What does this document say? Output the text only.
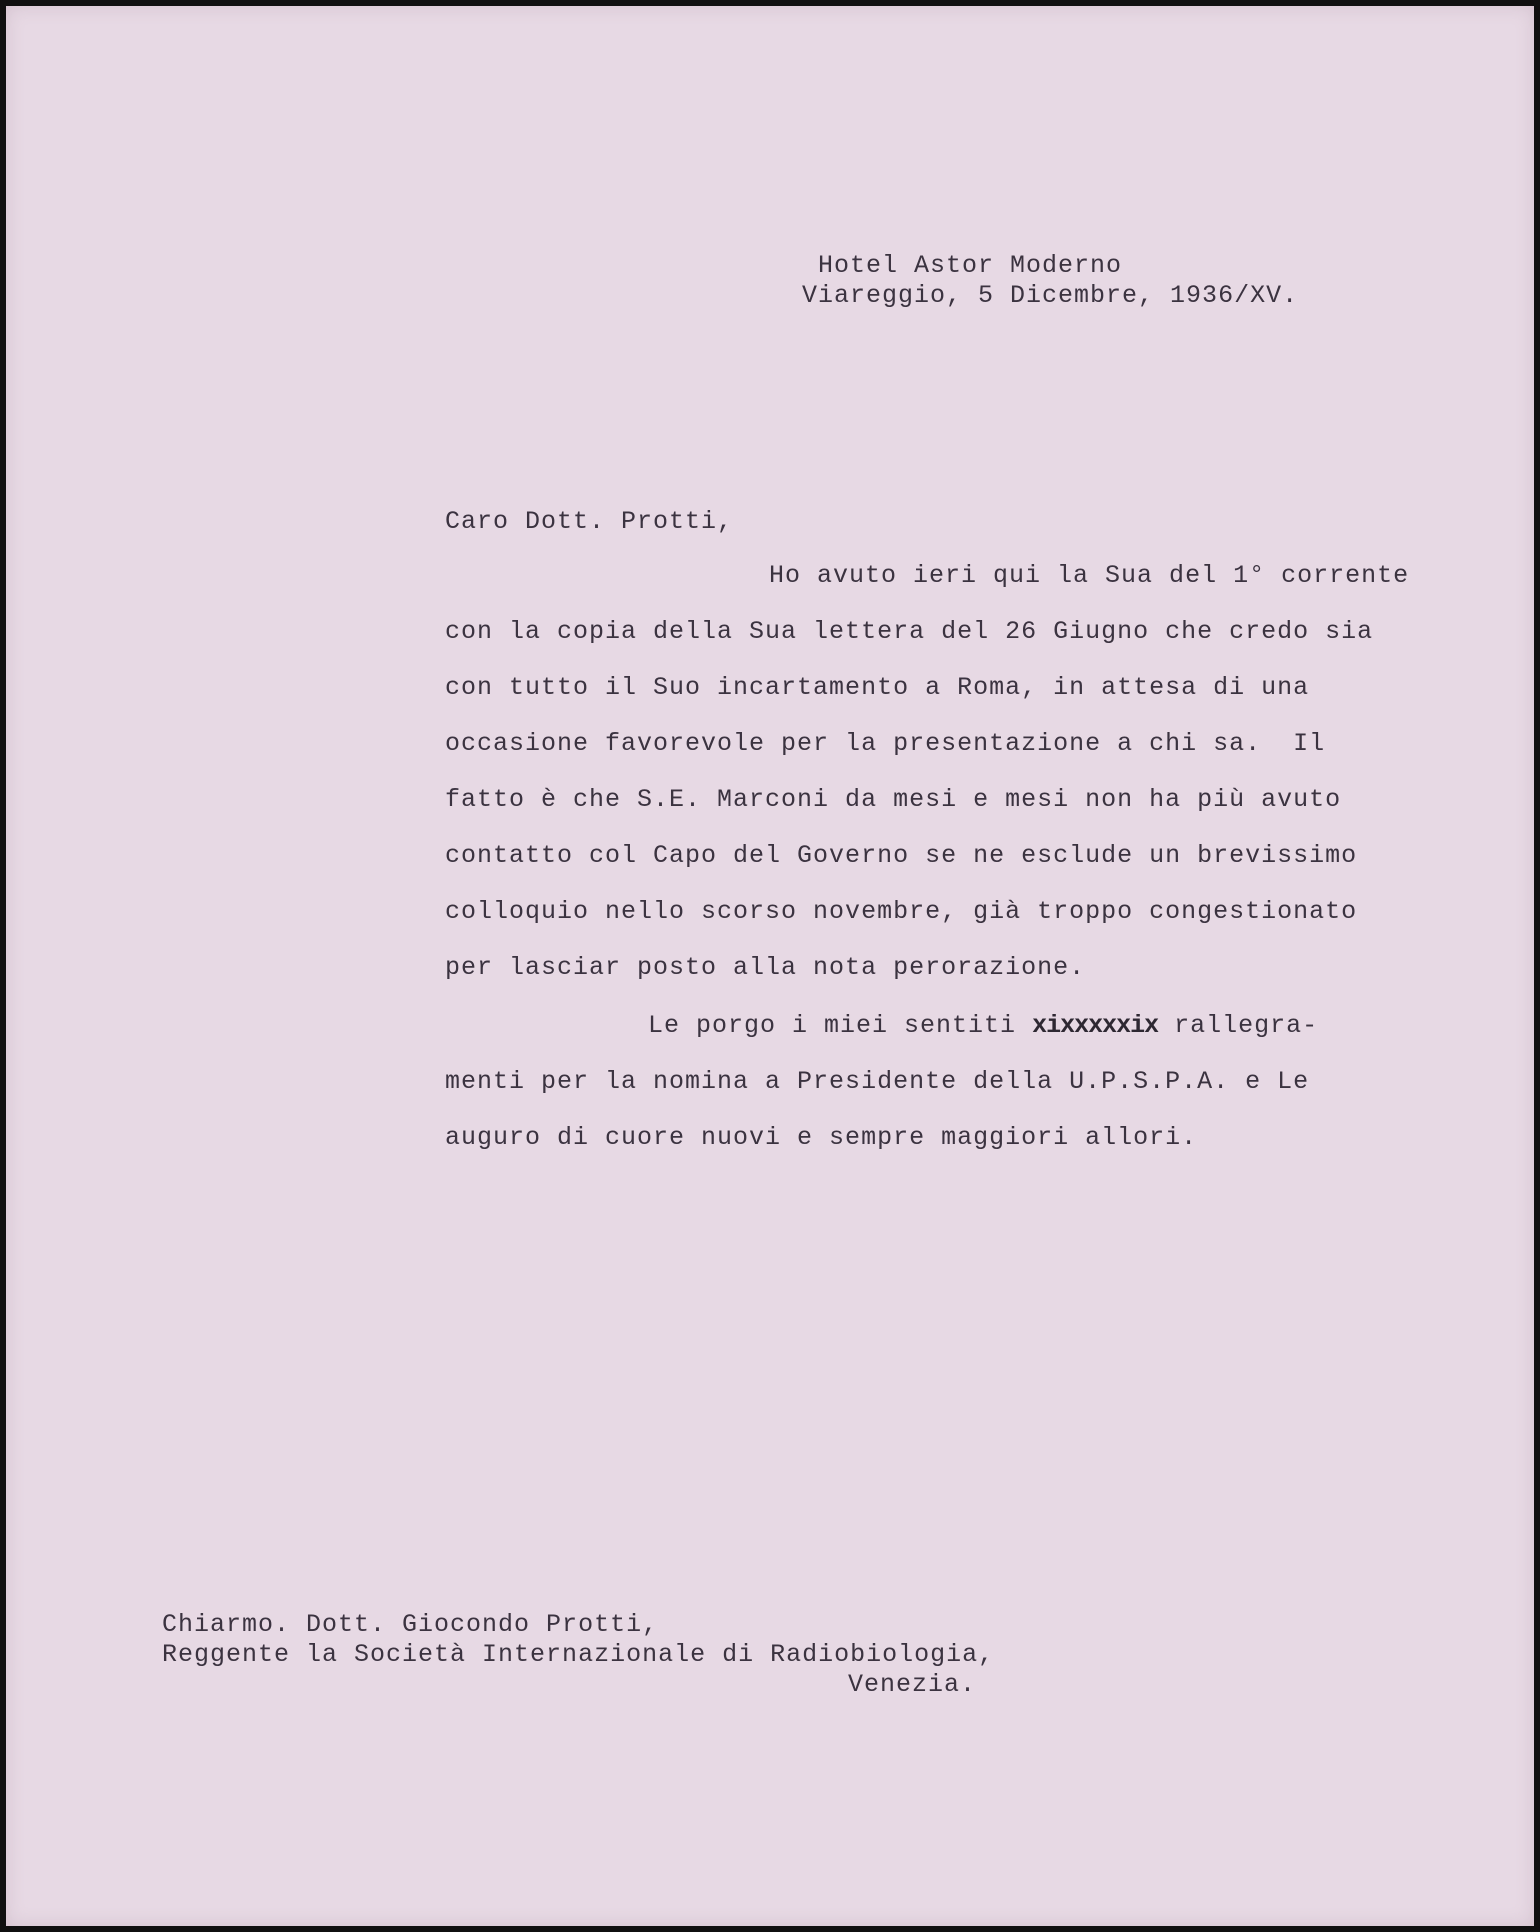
Hotel Astor Moderno

Viareggio, 5 Dicembre, 1936/XV.

Caro Dott. Protti,

Ho avuto ieri qui la Sua del 1° corrente

con la copia della Sua lettera del 26 Giugno che credo sia

con tutto il Suo incartamento a Roma, in attesa di una

occasione favorevole per la presentazione a chi sa.  Il

fatto è che S.E. Marconi da mesi e mesi non ha più avuto

contatto col Capo del Governo se ne esclude un brevissimo

colloquio nello scorso novembre, già troppo congestionato

per lasciar posto alla nota perorazione.

Le porgo i miei sentiti xixxxxxix rallegra-

menti per la nomina a Presidente della U.P.S.P.A. e Le

auguro di cuore nuovi e sempre maggiori allori.

Chiarmo. Dott. Giocondo Protti,

Reggente la Società Internazionale di Radiobiologia,

Venezia.
